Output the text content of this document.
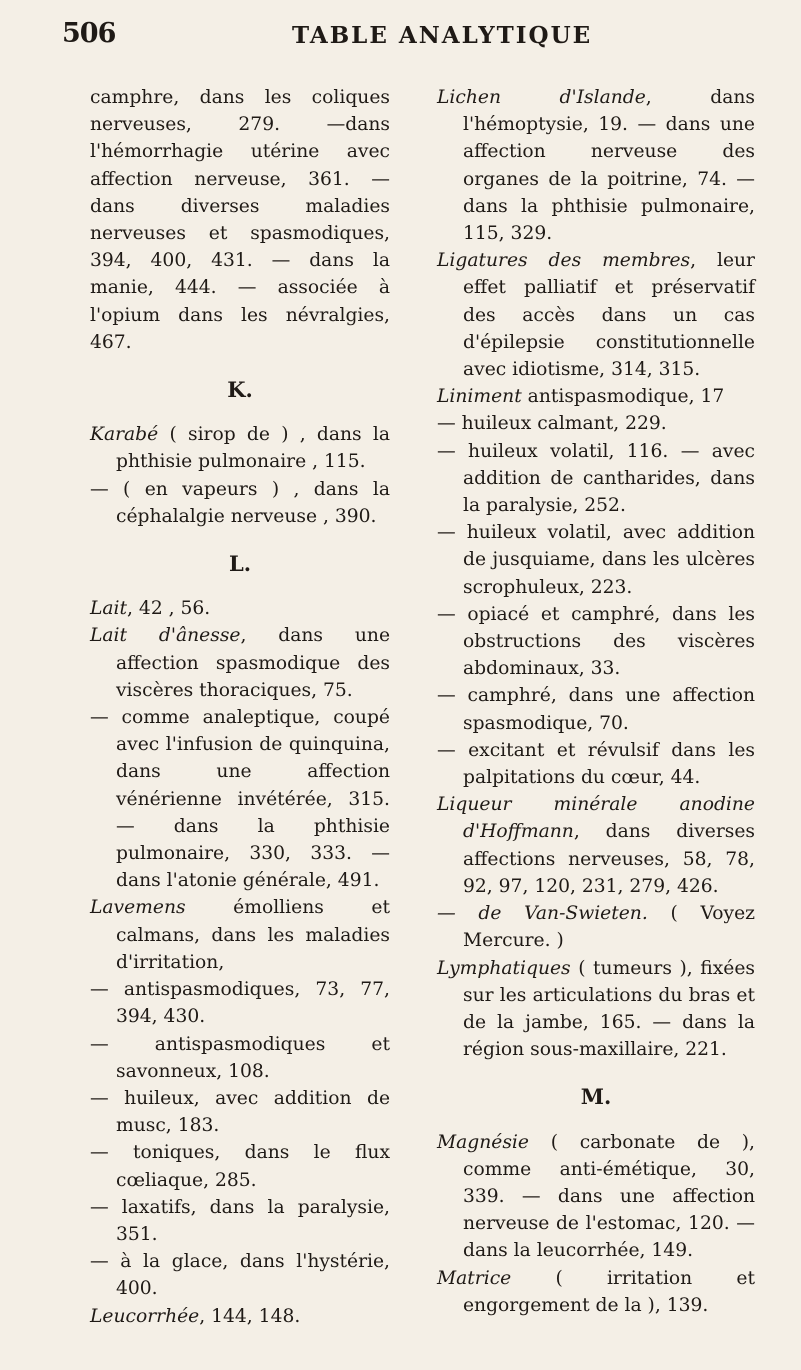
506	TABLE ANALYTIQUE

camphre, dans les coliques nerveuses, 279. —dans l'hémorrhagie utérine avec affection nerveuse, 361. — dans diverses maladies nerveuses et spasmodiques, 394, 400, 431. — dans la manie, 444. — associée à l'opium dans les névralgies, 467.

K.

Karabé ( sirop de ) , dans la phthisie pulmonaire , 115.

— ( en vapeurs ) , dans la céphalalgie nerveuse , 390.

L.

Lait, 42 , 56.

Lait d'ânesse, dans une affection spasmodique des viscères thoraciques, 75.

— comme analeptique, coupé avec l'infusion de quinquina, dans une affection vénérienne invétérée, 315. — dans la phthisie pulmonaire, 330, 333. — dans l'atonie générale, 491.

Lavemens émolliens et calmans, dans les maladies d'irritation,

— antispasmodiques, 73, 77, 394, 430.

— antispasmodiques et savonneux, 108.

— huileux, avec addition de musc, 183.

— toniques, dans le flux cœliaque, 285.

— laxatifs, dans la paralysie, 351.

— à la glace, dans l'hystérie, 400.

Leucorrhée, 144, 148.

Lichen d'Islande, dans l'hémoptysie, 19. — dans une affection nerveuse des organes de la poitrine, 74. — dans la phthisie pulmonaire, 115, 329.

Ligatures des membres, leur effet palliatif et préservatif des accès dans un cas d'épilepsie constitutionnelle avec idiotisme, 314, 315.

Liniment antispasmodique, 17

— huileux calmant, 229.

— huileux volatil, 116. — avec addition de cantharides, dans la paralysie, 252.

— huileux volatil, avec addition de jusquiame, dans les ulcères scrophuleux, 223.

— opiacé et camphré, dans les obstructions des viscères abdominaux, 33.

— camphré, dans une affection spasmodique, 70.

— excitant et révulsif dans les palpitations du cœur, 44.

Liqueur minérale anodine d'Hoffmann, dans diverses affections nerveuses, 58, 78, 92, 97, 120, 231, 279, 426.

— de Van-Swieten. ( Voyez Mercure. )

Lymphatiques ( tumeurs ), fixées sur les articulations du bras et de la jambe, 165. — dans la région sous-maxillaire, 221.

M.

Magnésie ( carbonate de ), comme anti-émétique, 30, 339. — dans une affection nerveuse de l'estomac, 120. — dans la leucorrhée, 149.

Matrice ( irritation et engorgement de la ), 139.
